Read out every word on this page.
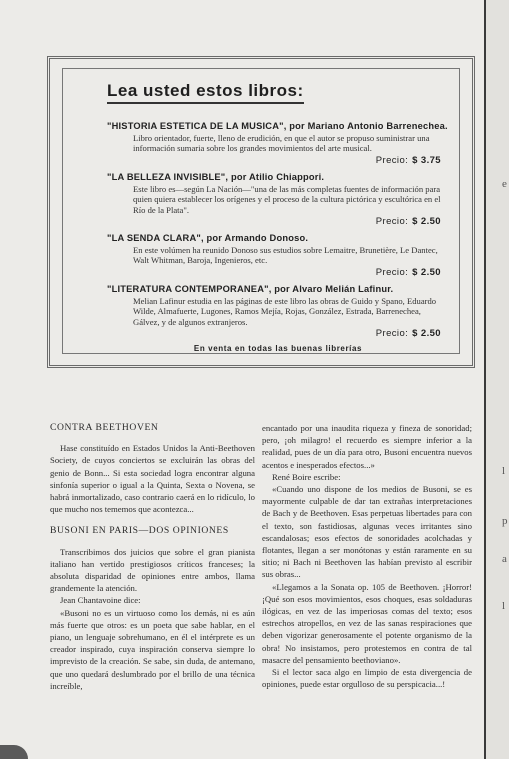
e
l
p
a
l
Lea usted estos libros:
"HISTORIA ESTETICA DE LA MUSICA", por Mariano Antonio Barrenechea.
Libro orientador, fuerte, lleno de erudición, en que el autor se propuso suministrar una información sumaria sobre los grandes movimientos del arte musical.
Precio: $ 3.75
"LA BELLEZA INVISIBLE", por Atilio Chiappori.
Este libro es—según La Nación—"una de las más completas fuentes de información para quien quiera establecer los orígenes y el proceso de la cultura pictórica y escultórica en el Río de la Plata".
Precio: $ 2.50
"LA SENDA CLARA", por Armando Donoso.
En este volúmen ha reunido Donoso sus estudios sobre Lemaitre, Brunetière, Le Dantec, Walt Whitman, Baroja, Ingenieros, etc.
Precio: $ 2.50
"LITERATURA CONTEMPORANEA", por Alvaro Melián Lafinur.
Melian Lafinur estudia en las páginas de este libro las obras de Guido y Spano, Eduardo Wilde, Almafuerte, Lugones, Ramos Mejía, Rojas, González, Estrada, Barrenechea, Gálvez, y de algunos extranjeros.
Precio: $ 2.50
En venta en todas las buenas librerías
CONTRA BEETHOVEN

Hase constituído en Estados Unidos la Anti-Beethoven Society, de cuyos conciertos se excluirán las obras del genio de Bonn... Si esta sociedad logra encontrar alguna sinfonía superior o igual a la Quinta, Sexta o Novena, se habrá inmortalizado, caso contrario caerá en lo ridículo, lo que mucho nos tememos que acontezca...

BUSONI EN PARIS—DOS OPINIONES

Transcribimos dos juicios que sobre el gran pianista italiano han vertido prestigiosos críticos franceses; la absoluta disparidad de opiniones entre ambos, llama grandemente la atención.

Jean Chantavoine dice:

«Busoni no es un virtuoso como los demás, ni es aún más fuerte que otros: es un poeta que sabe hablar, en el piano, un lenguaje sobrehumano, en él el intérprete es un creador inspirado, cuya inspiración conserva siempre lo imprevisto de la creación. Se sabe, sin duda, de antemano, que uno quedará deslumbrado por el brillo de una técnica increíble,

encantado por una inaudita riqueza y fineza de sonoridad; pero, ¡oh milagro! el recuerdo es siempre inferior a la realidad, pues de un día para otro, Busoni encuentra nuevos acentos e inesperados efectos...»

René Boire escribe:

«Cuando uno dispone de los medios de Busoni, se es mayormente culpable de dar tan extrañas interpretaciones de Bach y de Beethoven. Esas perpetuas libertades para con el texto, son fastidiosas, algunas veces irritantes sino escandalosas; esos efectos de sonoridades acolchadas y flotantes, llegan a ser monótonas y están raramente en su sitio; ni Bach ni Beethoven las habían previsto al escribir sus obras...

«Llegamos a la Sonata op. 105 de Beethoven. ¡Horror! ¡Qué son esos movimientos, esos choques, esas soldaduras ilógicas, en vez de las imperiosas comas del texto; esos estrechos atropellos, en vez de las sanas respiraciones que deben vigorizar generosamente el potente organismo de la obra! No insistamos, pero protestemos en contra de tal masacre del pensamiento beethoviano».

Si el lector saca algo en limpio de esta divergencia de opiniones, puede estar orgulloso de su perspicacia...!
